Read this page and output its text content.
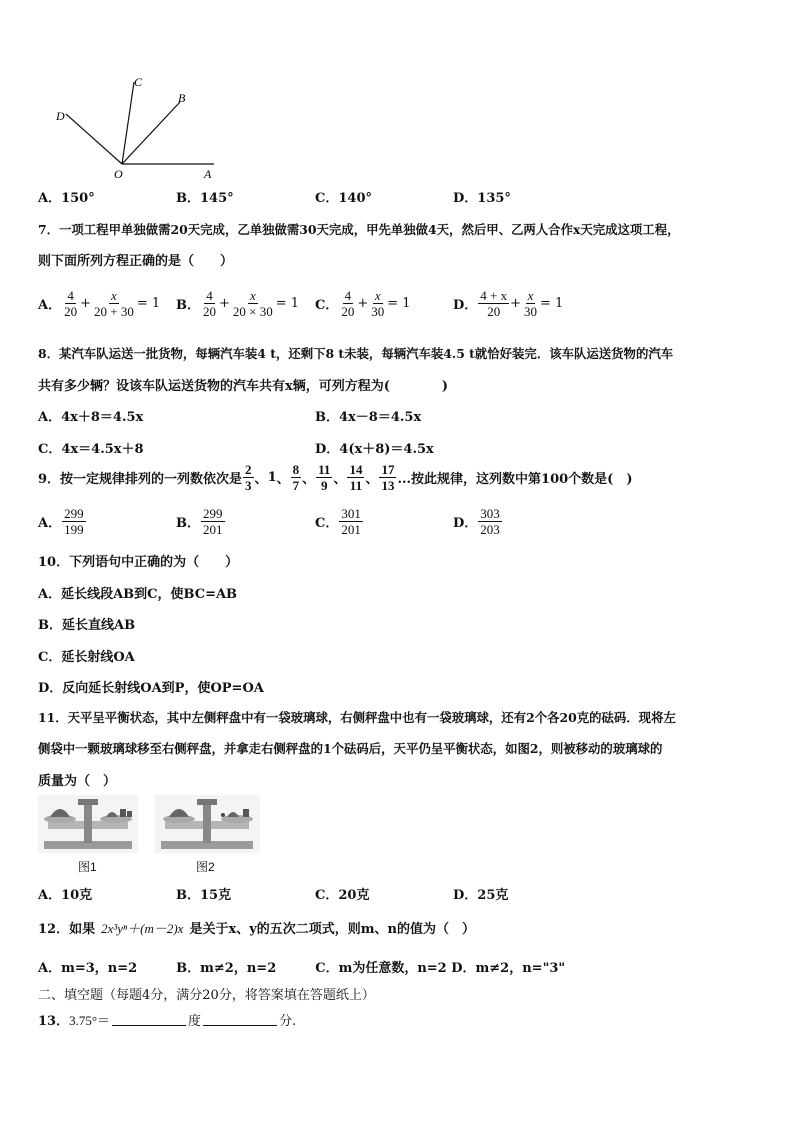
A
B
C
D
O
A．150°	B．145°	C．140°	D．135°
7．一项工程甲单独做需20天完成，乙单独做需30天完成，甲先单独做4天，然后甲、乙两人合作x天完成这项工程，
则下面所列方程正确的是（　　）
A． $\frac{4}{20} + \frac{x}{20 + 30} = 1$ B． $\frac{4}{20} + \frac{x}{20 \times 30} = 1$ C． $\frac{4}{20} + \frac{x}{30} = 1$	D． $\frac{4 + x}{20} + \frac{x}{30} = 1$
8．某汽车队运送一批货物，每辆汽车装4 t，还剩下8 t未装，每辆汽车装4.5 t就恰好装完．该车队运送货物的汽车
共有多少辆？设该车队运送货物的汽车共有x辆，可列方程为(　　　　)
A．4x＋8＝4.5x	B．4x－8＝4.5x
C．4x＝4.5x＋8	D．4(x＋8)＝4.5x
9．按一定规律排列的一列数依次是 $\frac{2}{3}$ 、 1 、 $\frac{8}{7}$ 、 $\frac{11}{9}$ 、 $\frac{14}{11}$ 、 $\frac{17}{13}$ ...按此规律，这列数中第100个数是(　)
A． $\frac{299}{199}$	B． $\frac{299}{201}$	C． $\frac{301}{201}$	D． $\frac{303}{203}$
10．下列语句中正确的为（　　）
A．延长线段AB到C，使BC=AB
B．延长直线AB
C．延长射线OA
D．反向延长射线OA到P，使OP=OA
11．天平呈平衡状态，其中左侧秤盘中有一袋玻璃球，右侧秤盘中也有一袋玻璃球，还有2个各20克的砝码．现将左
侧袋中一颗玻璃球移至右侧秤盘，并拿走右侧秤盘的1个砝码后，天平仍呈平衡状态，如图2，则被移动的玻璃球的
质量为（　）
图1	图2
A．10克	B．15克	C．20克	D．25克
12．如果 2x³yⁿ＋(m－2)x 是关于x、y的五次二项式，则m、n的值为（　）
A．m=3，n=2　　　B．m≠2，n=2　　　C．m为任意数，n=2 D．m≠2，n="3"
二、填空题（每题4分，满分20分，将答案填在答题纸上）
13． 3.75°＝	度	分.
